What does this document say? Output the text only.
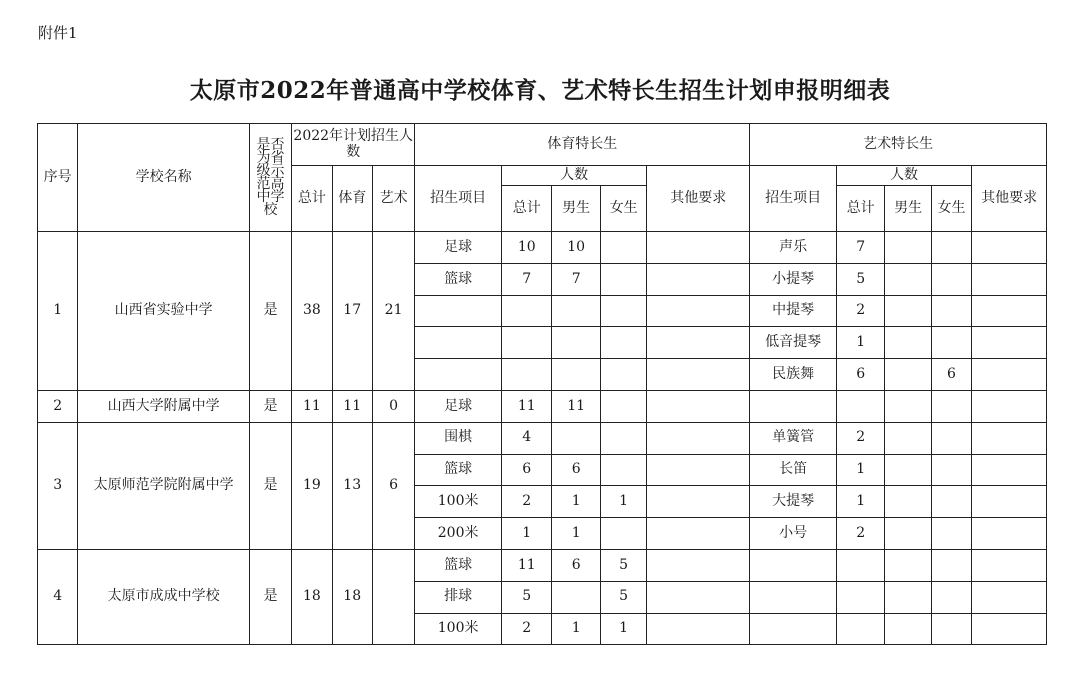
附件1
太原市2022年普通高中学校体育、艺术特长生招生计划申报明细表
序号	学校名称	是否为省级示范高中学校	2022年计划招生人数			体育特长生					艺术特长生				
			总计	体育	艺术	招生项目	人数			其他要求	招生项目	人数			其他要求
							总计	男生	女生			总计	男生	女生	
1	山西省实验中学	是	38	17	21	足球	10	10			声乐	7			
						篮球	7	7			小提琴	5			
											中提琴	2			
											低音提琴	1			
											民族舞	6		6	
2	山西大学附属中学	是	11	11	0	足球	11	11							
3	太原师范学院附属中学	是	19	13	6	围棋	4				单簧管	2			
						篮球	6	6			长笛	1			
						100米	2	1	1		大提琴	1			
						200米	1	1			小号	2			
4	太原市成成中学校	是	18	18		篮球	11	6	5						
						排球	5		5						
						100米	2	1	1						
